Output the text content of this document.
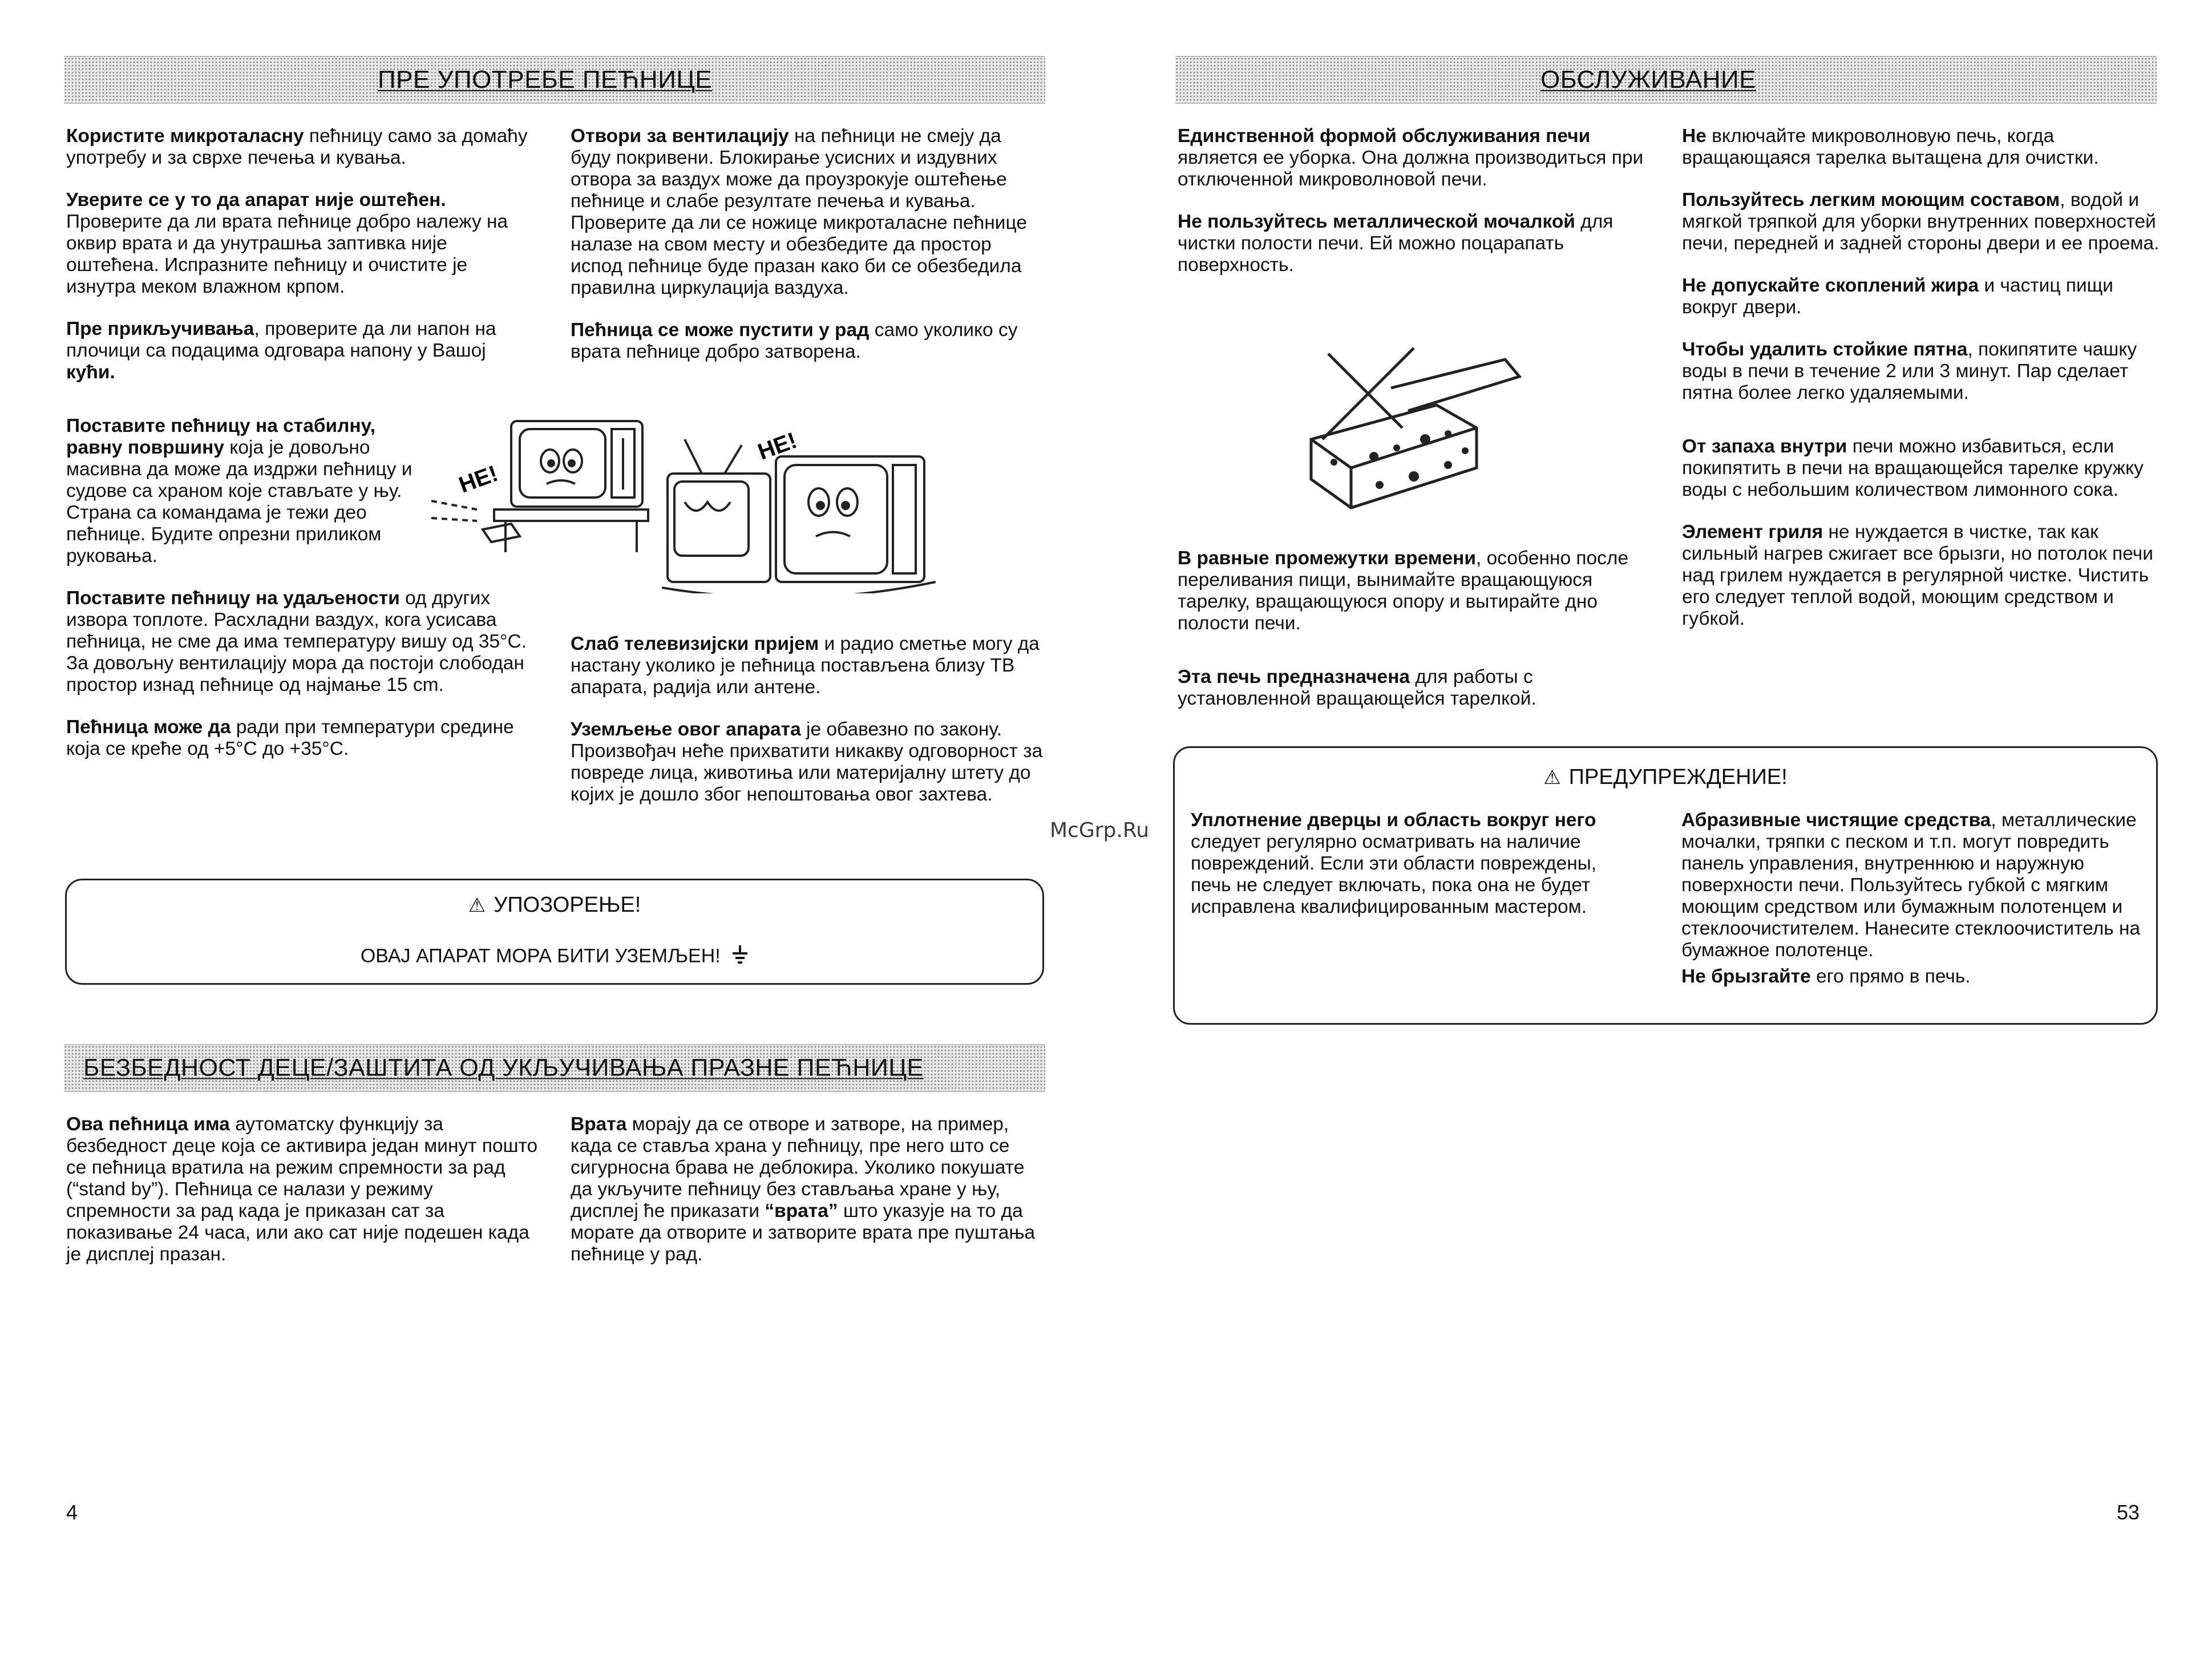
ПРЕ УПОТРЕБЕ ПЕЋНИЦЕ

Користите микроталасну пећницу само за домаћу употребу и за сврхе печења и кувања.

Уверите се у то да апарат није оштећен. Проверите да ли врата пећнице добро належу на оквир врата и да унутрашња заптивка није оштећена. Испразните пећницу и очистите је изнутра меком влажном крпом.

Пре прикључивања, проверите да ли напон на плочици са подацима одговара напону у Вашој кући.

HE!
Поставите пећницу на стабилну, равну површину која је довољно масивна да може да издржи пећницу и судове са храном које стављате у њу. Страна са командама је тежи део пећнице. Будите опрезни приликом руковања.

Поставите пећницу на удаљености од других извора топлоте. Расхладни ваздух, кога усисава пећница, не сме да има температуру вишу од 35°C. За довољну вентилацију мора да постоји слободан простор изнад пећнице од најмање 15 cm.

Пећница може да ради при температури средине која се креће од +5°C до +35°C.

Отвори за вентилацију на пећници не смеју да буду покривени. Блокирање усисних и издувних отвора за ваздух може да проузрокује оштећење пећнице и слабе резултате печења и кувања. Проверите да ли се ножице микроталасне пећнице налазе на свом месту и обезбедите да простор испод пећнице буде празан како би се обезбедила правилна циркулација ваздуха.

Пећница се може пустити у рад само уколико су врата пећнице добро затворена.

HE!

Слаб телевизијски пријем и радио сметње могу да настану уколико је пећница постављена близу ТВ апарата, радија или антене.

Уземљење овог апарата је обавезно по закону. Произвођач неће прихватити никакву одговорност за повреде лица, животиња или материјалну штету до којих је дошло због непоштовања овог захтева.

⚠ УПОЗОРЕЊЕ!
ОВАЈ АПАРАТ МОРА БИТИ УЗЕМЉЕН!
БЕЗБЕДНОСТ ДЕЦЕ/ЗАШТИТА ОД УКЉУЧИВАЊА ПРАЗНЕ ПЕЋНИЦЕ

Ова пећница има аутоматску функцију за безбедност деце која се активира један минут пошто се пећница вратила на режим спремности за рад (“stand by”). Пећница се налази у режиму спремности за рад када је приказан сат за показивање 24 часа, или ако сат није подешен када је дисплеј празан.

Врата морају да се отворе и затворе, на пример, када се ставља храна у пећницу, пре него што се сигурносна брава не деблокира. Уколико покушате да укључите пећницу без стављања хране у њу, дисплеј ће приказати “врата” што указује на то да морате да отворите и затворите врата пре пуштања пећнице у рад.

4
McGrp.Ru
ОБСЛУЖИВАНИЕ

Единственной формой обслуживания печи является ее уборка. Она должна производиться при отключенной микроволновой печи.

Не пользуйтесь металлической мочалкой для чистки полости печи. Ей можно поцарапать поверхность.

В равные промежутки времени, особенно после переливания пищи, вынимайте вращающуюся тарелку, вращающуюся опору и вытирайте дно полости печи.

Эта печь предназначена для работы с установленной вращающейся тарелкой.

Не включайте микроволновую печь, когда вращающаяся тарелка вытащена для очистки.

Пользуйтесь легким моющим составом, водой и мягкой тряпкой для уборки внутренних поверхностей печи, передней и задней стороны двери и ее проема.

Не допускайте скоплений жира и частиц пищи вокруг двери.

Чтобы удалить стойкие пятна, покипятите чашку воды в печи в течение 2 или 3 минут. Пар сделает пятна более легко удаляемыми.

От запаха внутри печи можно избавиться, если покипятить в печи на вращающейся тарелке кружку воды с небольшим количеством лимонного сока.

Элемент гриля не нуждается в чистке, так как сильный нагрев сжигает все брызги, но потолок печи над грилем нуждается в регулярной чистке. Чистить его следует теплой водой, моющим средством и губкой.

⚠ ПРЕДУПРЕЖДЕНИЕ!

Уплотнение дверцы и область вокруг него следует регулярно осматривать на наличие повреждений. Если эти области повреждены, печь не следует включать, пока она не будет исправлена квалифицированным мастером.

Абразивные чистящие средства, металлические мочалки, тряпки с песком и т.п. могут повредить панель управления, внутреннюю и наружную поверхности печи. Пользуйтесь губкой с мягким моющим средством или бумажным полотенцем и стеклоочистителем. Нанесите стеклоочиститель на бумажное полотенце.

Не брызгайте его прямо в печь.

53
